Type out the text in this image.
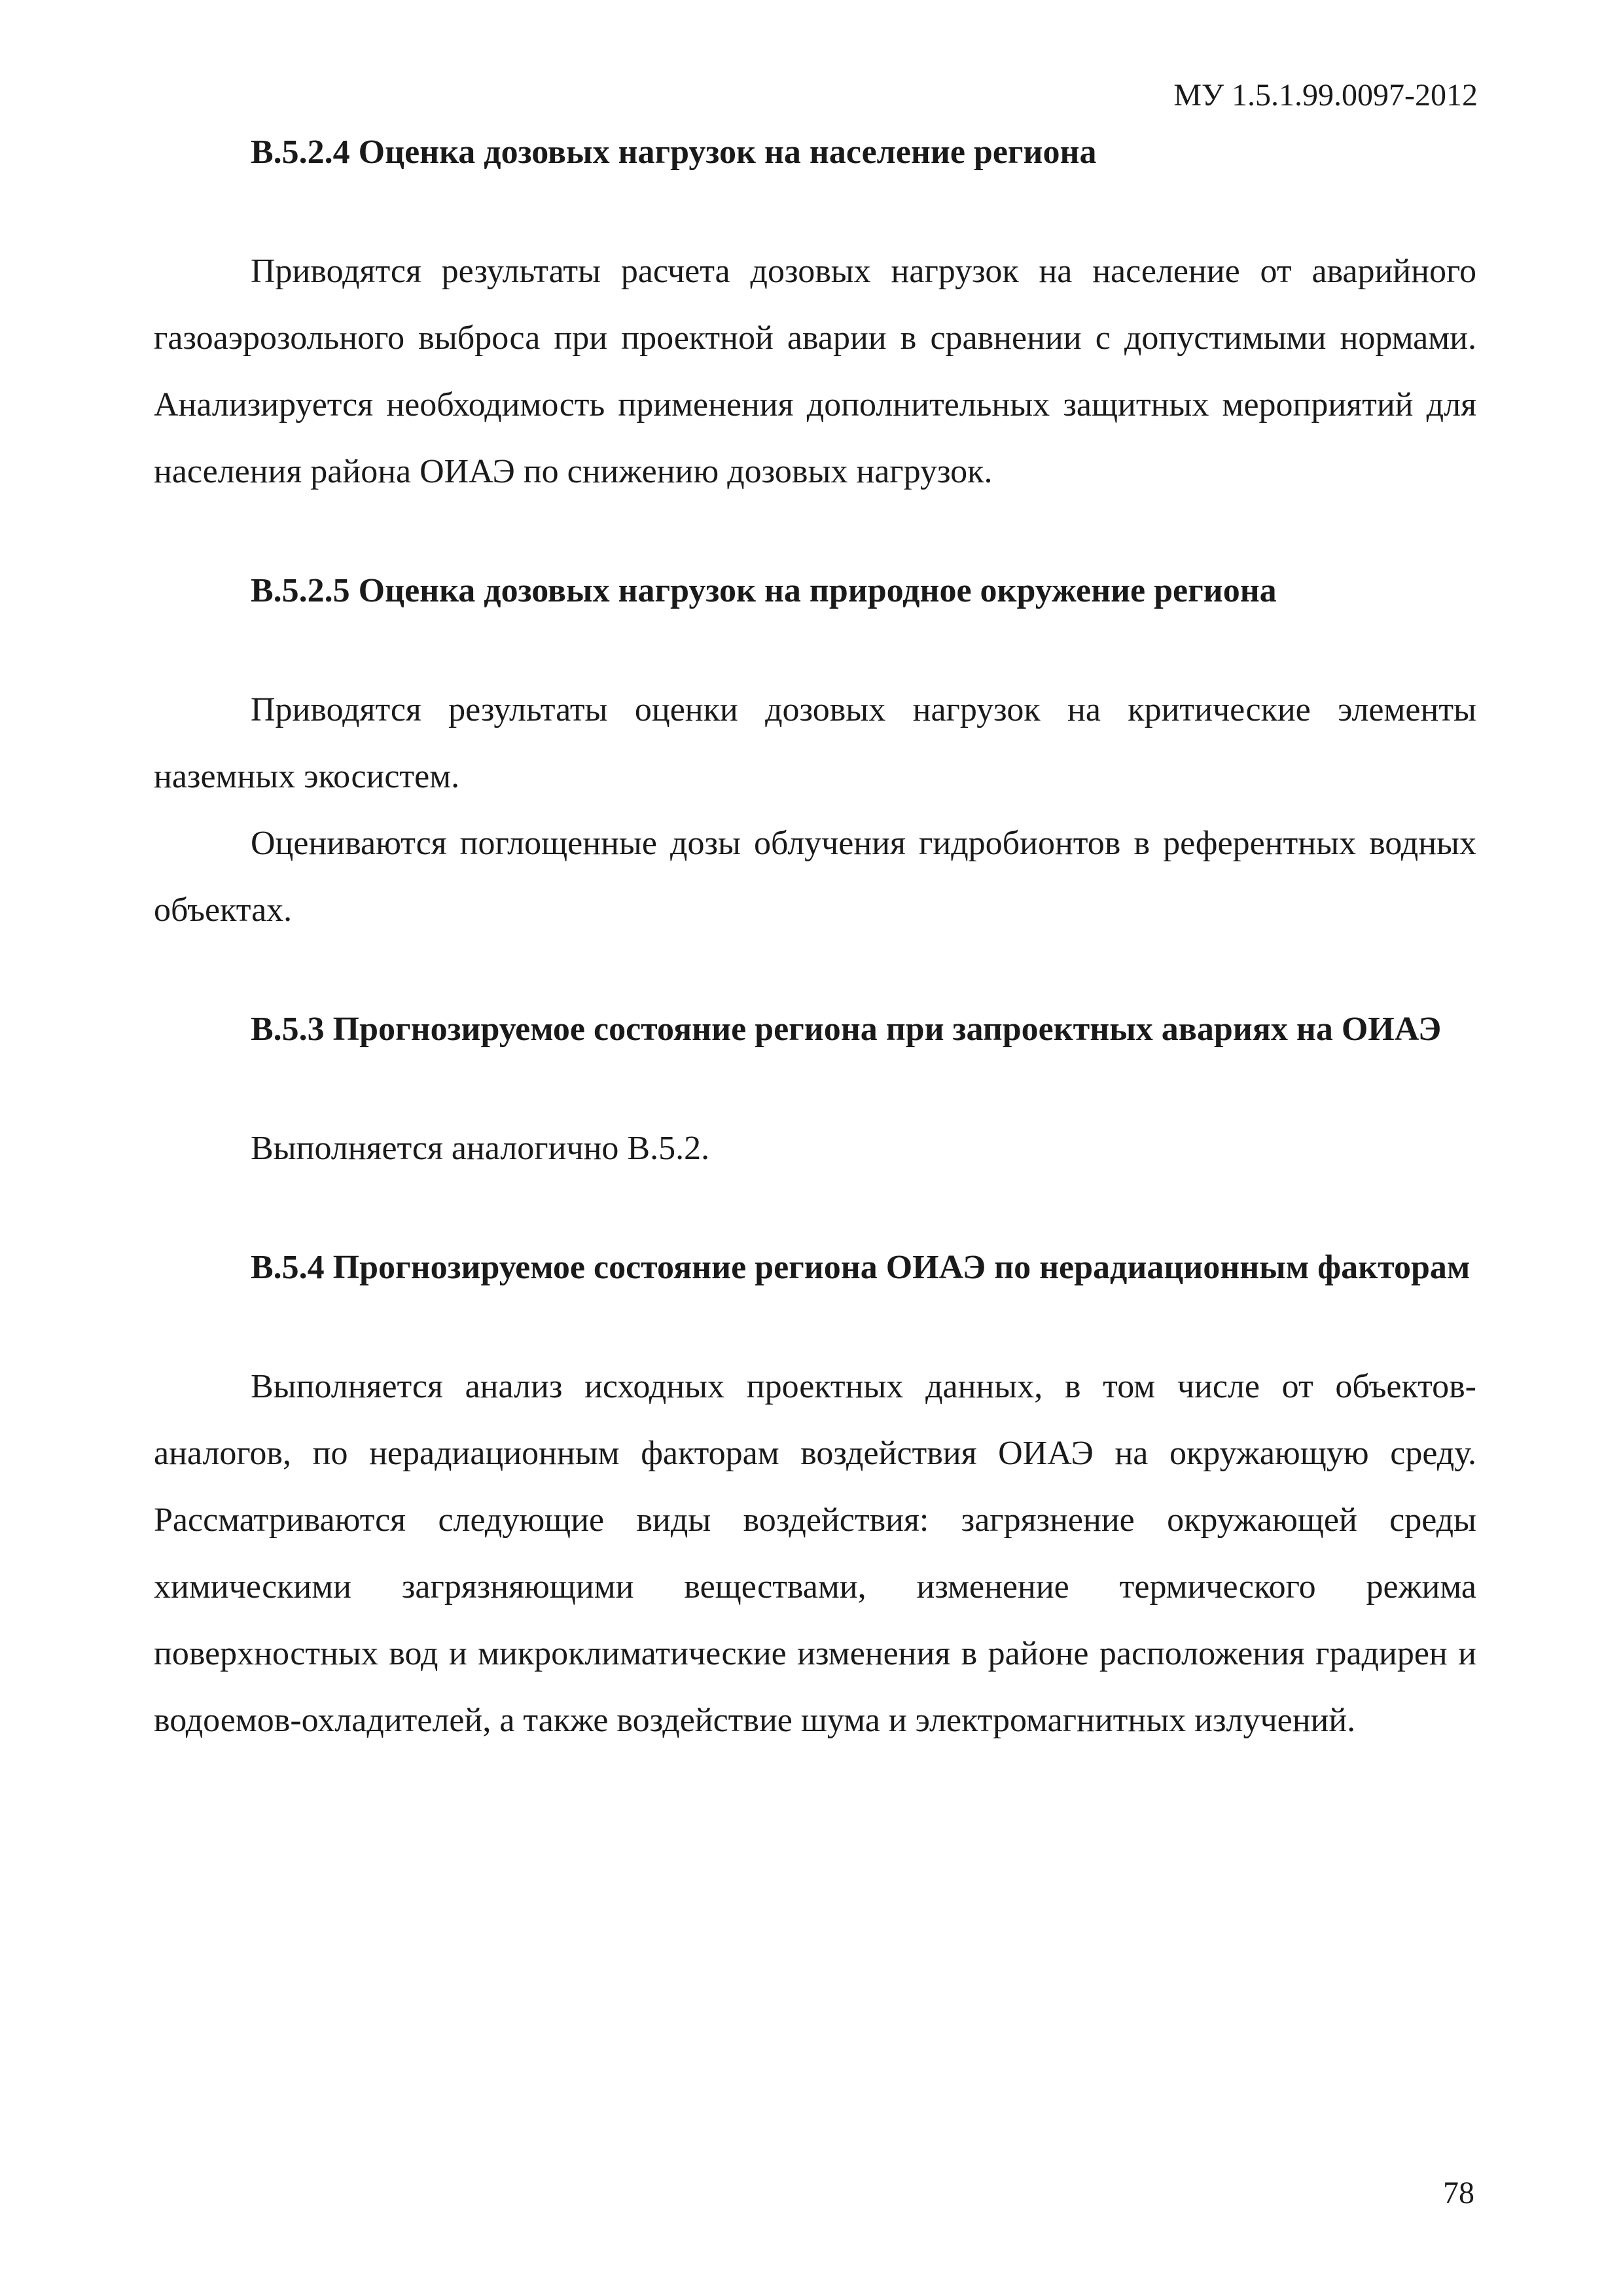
МУ 1.5.1.99.0097-2012
В.5.2.4 Оценка дозовых нагрузок на население региона

Приводятся результаты расчета дозовых нагрузок на население от аварийного газоаэрозольного выброса при проектной аварии в сравнении с допустимыми нормами. Анализируется необходимость применения дополнительных защитных мероприятий для населения района ОИАЭ по снижению дозовых нагрузок.

В.5.2.5 Оценка дозовых нагрузок на природное окружение региона

Приводятся результаты оценки дозовых нагрузок на критические элементы наземных экосистем.

Оцениваются поглощенные дозы облучения гидробионтов в референтных водных объектах.

В.5.3 Прогнозируемое состояние региона при запроектных авариях на ОИАЭ

Выполняется аналогично В.5.2.

В.5.4 Прогнозируемое состояние региона ОИАЭ по нерадиационным факторам

Выполняется анализ исходных проектных данных, в том числе от объектов-аналогов, по нерадиационным факторам воздействия ОИАЭ на окружающую среду. Рассматриваются следующие виды воздействия: загрязнение окружающей среды химическими загрязняющими веществами, изменение термического режима поверхностных вод и микроклиматические изменения в районе расположения градирен и водоемов-охладителей, а также воздействие шума и электромагнитных излучений.

78
